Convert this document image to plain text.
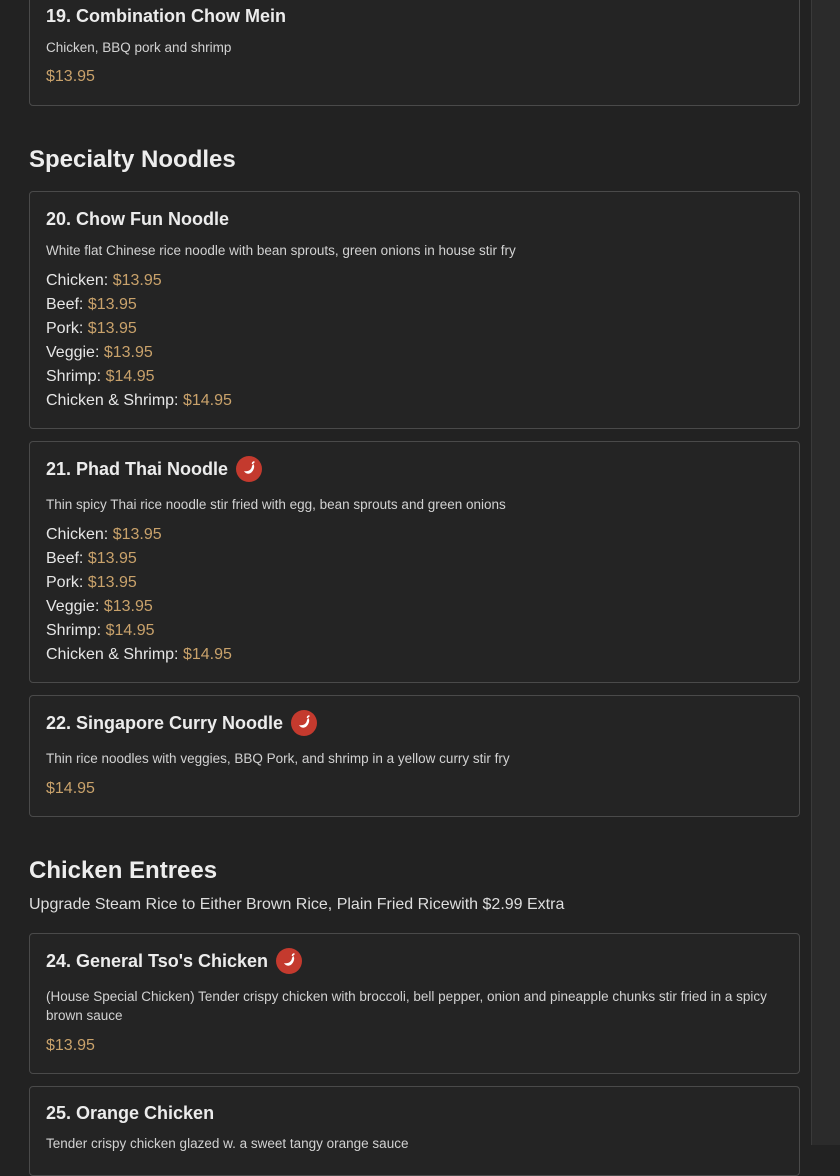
19. Combination Chow Mein
Chicken, BBQ pork and shrimp
$13.95
Specialty Noodles
20. Chow Fun Noodle
White flat Chinese rice noodle with bean sprouts, green onions in house stir fry
Chicken: $13.95
Beef: $13.95
Pork: $13.95
Veggie: $13.95
Shrimp: $14.95
Chicken & Shrimp: $14.95
21. Phad Thai Noodle
Thin spicy Thai rice noodle stir fried with egg, bean sprouts and green onions
Chicken: $13.95
Beef: $13.95
Pork: $13.95
Veggie: $13.95
Shrimp: $14.95
Chicken & Shrimp: $14.95
22. Singapore Curry Noodle
Thin rice noodles with veggies, BBQ Pork, and shrimp in a yellow curry stir fry
$14.95
Chicken Entrees
Upgrade Steam Rice to Either Brown Rice, Plain Fried Ricewith $2.99 Extra
24. General Tso's Chicken
(House Special Chicken) Tender crispy chicken with broccoli, bell pepper, onion and pineapple chunks stir fried in a spicy brown sauce
$13.95
25. Orange Chicken
Tender crispy chicken glazed w. a sweet tangy orange sauce
